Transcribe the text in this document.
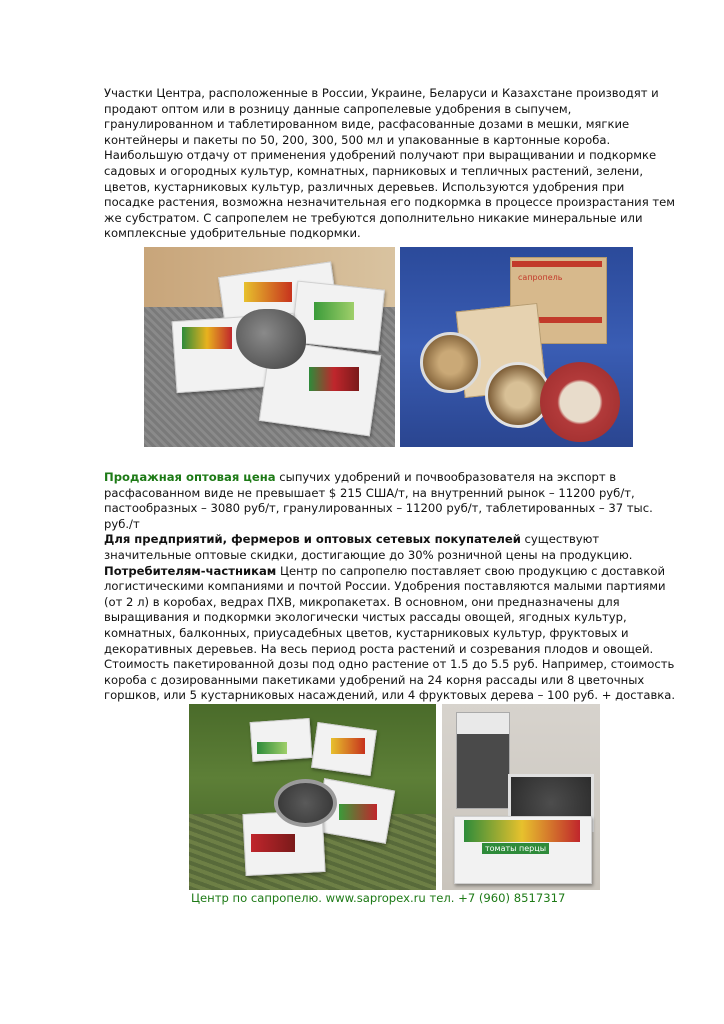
Участки Центра, расположенные в России, Украине, Беларуси и Казахстане производят и продают оптом или в розницу данные сапропелевые удобрения в сыпучем, гранулированном и таблетированном виде, расфасованные дозами в мешки, мягкие контейнеры и пакеты по 50, 200, 300, 500 мл и упакованные в картонные короба. Наибольшую отдачу от применения удобрений получают при выращивании и подкормке садовых и огородных культур, комнатных, парниковых и тепличных растений, зелени, цветов, кустарниковых культур, различных деревьев. Используются удобрения при посадке растения, возможна незначительная его подкормка в процессе произрастания тем же субстратом. С сапропелем не требуются дополнительно никакие минеральные или комплексные удобрительные подкормки.

сапропель

Продажная оптовая цена сыпучих удобрений и почвообразователя на экспорт в расфасованном виде не превышает $ 215 США/т, на внутренний рынок – 11200 руб/т, пастообразных – 3080 руб/т, гранулированных – 11200 руб/т, таблетированных – 37 тыс. руб./т
Для предприятий, фермеров и оптовых сетевых покупателей существуют значительные оптовые скидки, достигающие до 30% розничной цены на продукцию.
Потребителям-частникам Центр по сапропелю поставляет свою продукцию с доставкой логистическими компаниями и почтой России. Удобрения поставляются малыми партиями (от 2 л) в коробах, ведрах ПХВ, микропакетах. В основном, они предназначены для выращивания и подкормки экологически чистых рассады овощей, ягодных культур, комнатных, балконных, приусадебных цветов, кустарниковых культур, фруктовых и декоративных деревьев. На весь период роста растений и созревания плодов и овощей. Стоимость пакетированной дозы под одно растение от 1.5 до 5.5 руб. Например, стоимость короба с дозированными пакетиками удобрений на 24 корня рассады или 8 цветочных горшков, или 5 кустарниковых насаждений, или 4 фруктовых дерева – 100 руб. + доставка.

томаты перцы

Центр по сапропелю. www.sapropex.ru тел. +7 (960) 8517317
